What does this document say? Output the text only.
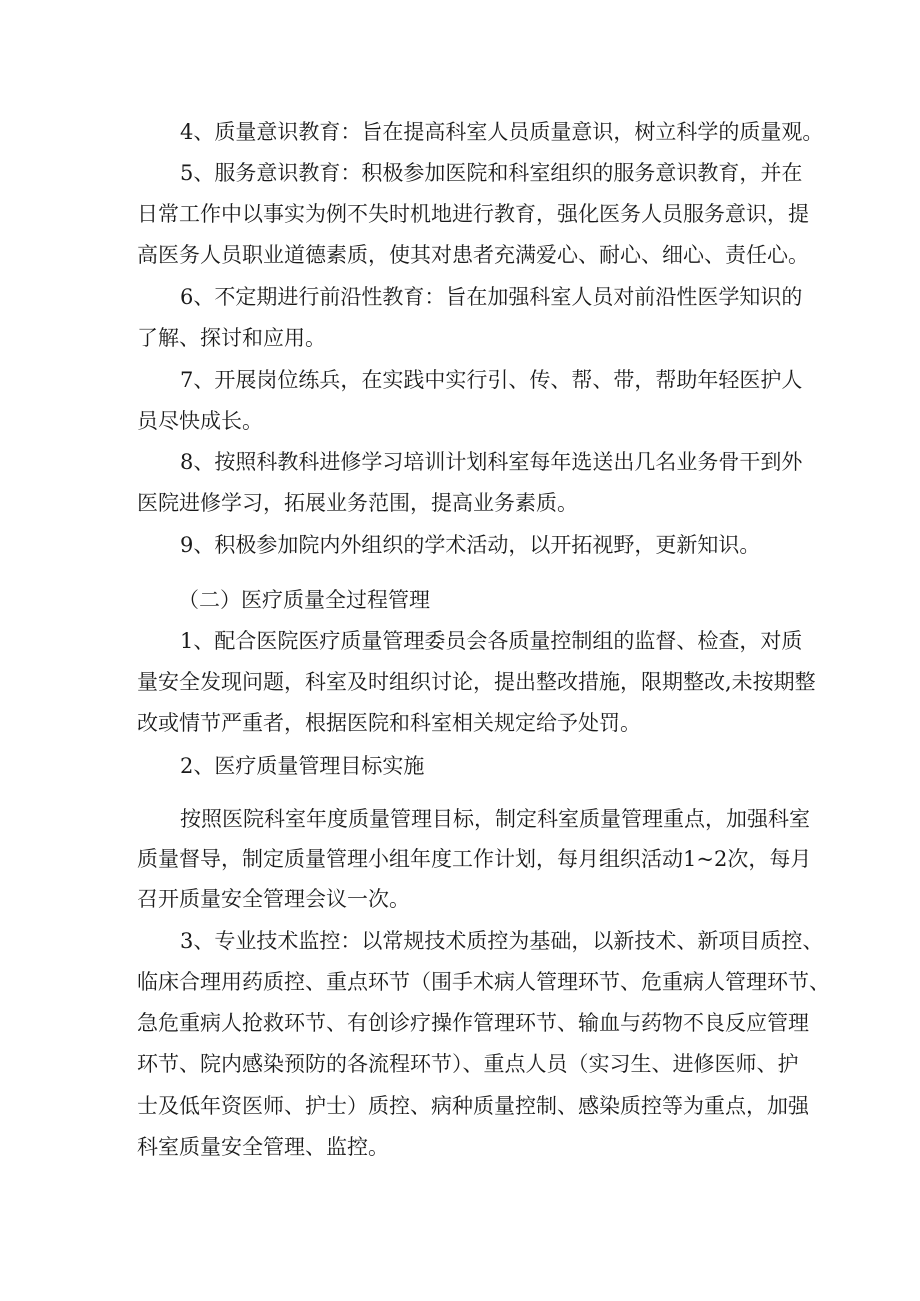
4、质量意识教育：旨在提高科室人员质量意识，树立科学的质量观。
5、服务意识教育：积极参加医院和科室组织的服务意识教育，并在
日常工作中以事实为例不失时机地进行教育，强化医务人员服务意识，提
高医务人员职业道德素质，使其对患者充满爱心、耐心、细心、责任心。
6、不定期进行前沿性教育：旨在加强科室人员对前沿性医学知识的
了解、探讨和应用。
7、开展岗位练兵，在实践中实行引、传、帮、带，帮助年轻医护人
员尽快成长。
8、按照科教科进修学习培训计划科室每年选送出几名业务骨干到外
医院进修学习，拓展业务范围，提高业务素质。
9、积极参加院内外组织的学术活动，以开拓视野，更新知识。
（二）医疗质量全过程管理
1、配合医院医疗质量管理委员会各质量控制组的监督、检查，对质
量安全发现问题，科室及时组织讨论，提出整改措施，限期整改,未按期整
改或情节严重者，根据医院和科室相关规定给予处罚。
2、医疗质量管理目标实施
按照医院科室年度质量管理目标，制定科室质量管理重点，加强科室
质量督导，制定质量管理小组年度工作计划，每月组织活动1~2次，每月
召开质量安全管理会议一次。
3、专业技术监控：以常规技术质控为基础，以新技术、新项目质控、
临床合理用药质控、重点环节（围手术病人管理环节、危重病人管理环节、
急危重病人抢救环节、有创诊疗操作管理环节、输血与药物不良反应管理
环节、院内感染预防的各流程环节）、重点人员（实习生、进修医师、护
士及低年资医师、护士）质控、病种质量控制、感染质控等为重点，加强
科室质量安全管理、监控。
